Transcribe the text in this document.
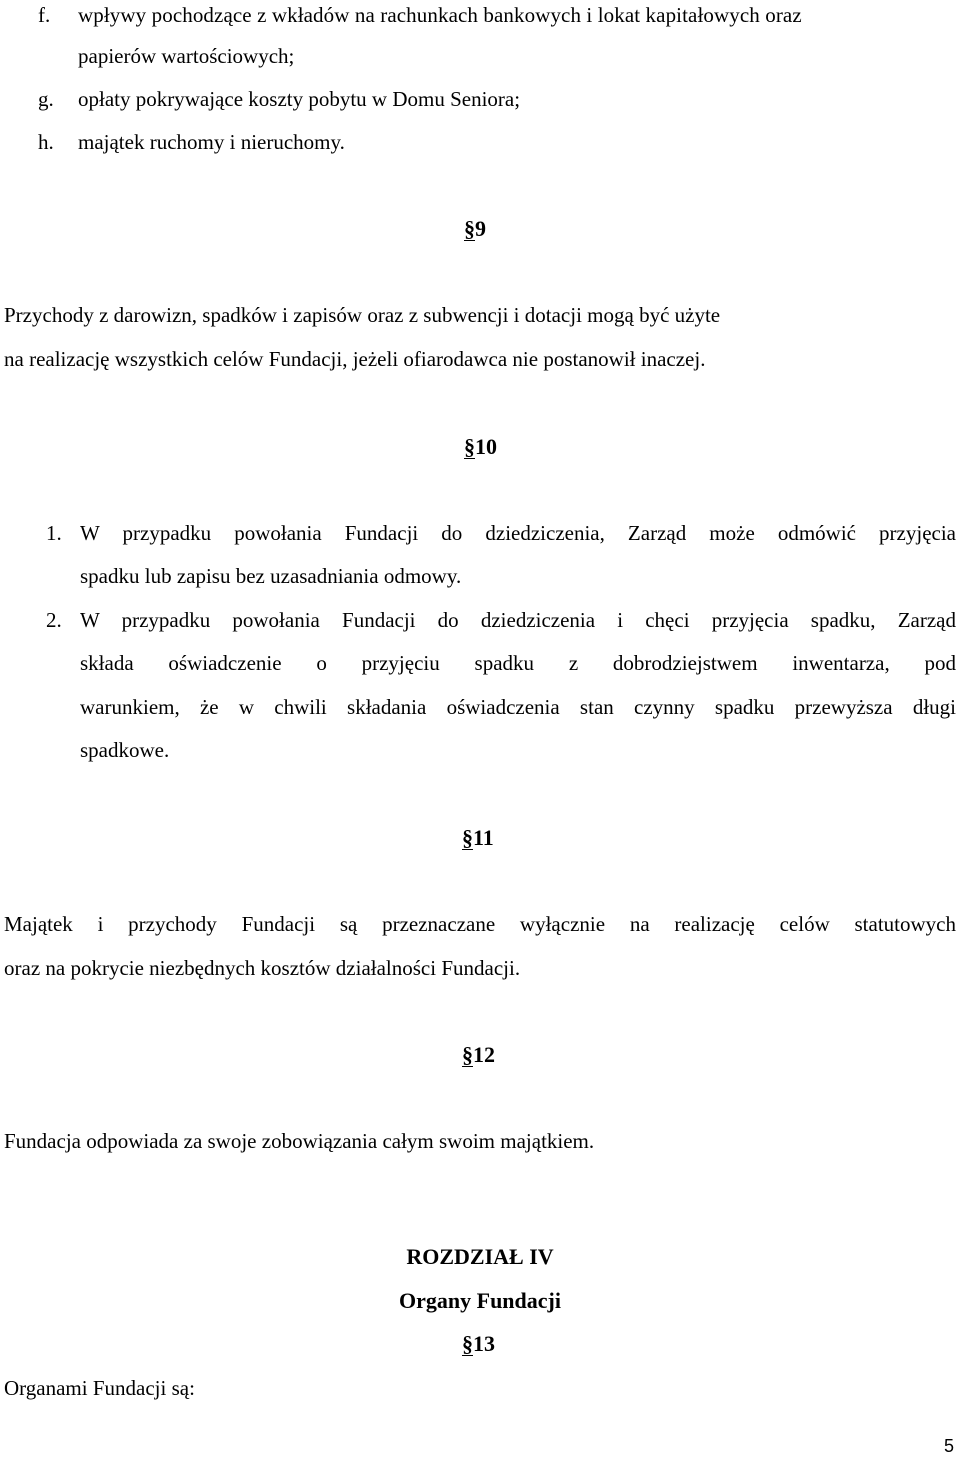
f. wpływy pochodzące z wkładów na rachunkach bankowych i lokat kapitałowych oraz
papierów wartościowych;
g. opłaty pokrywające koszty pobytu w Domu Seniora;
h. majątek ruchomy i nieruchomy.
§9
Przychody z darowizn, spadków i zapisów oraz z subwencji i dotacji mogą być użyte
na realizację wszystkich celów Fundacji, jeżeli ofiarodawca nie postanowił inaczej.
§10
1. W przypadku powołania Fundacji do dziedziczenia, Zarząd może odmówić przyjęcia
spadku lub zapisu bez uzasadniania odmowy.
2. W przypadku powołania Fundacji do dziedziczenia i chęci przyjęcia spadku, Zarząd
składa oświadczenie o przyjęciu spadku z dobrodziejstwem inwentarza, pod
warunkiem, że w chwili składania oświadczenia stan czynny spadku przewyższa długi
spadkowe.
§11
Majątek i przychody Fundacji są przeznaczane wyłącznie na realizację celów statutowych
oraz na pokrycie niezbędnych kosztów działalności Fundacji.
§12
Fundacja odpowiada za swoje zobowiązania całym swoim majątkiem.
ROZDZIAŁ IV
Organy Fundacji
§13
Organami Fundacji są:
5
